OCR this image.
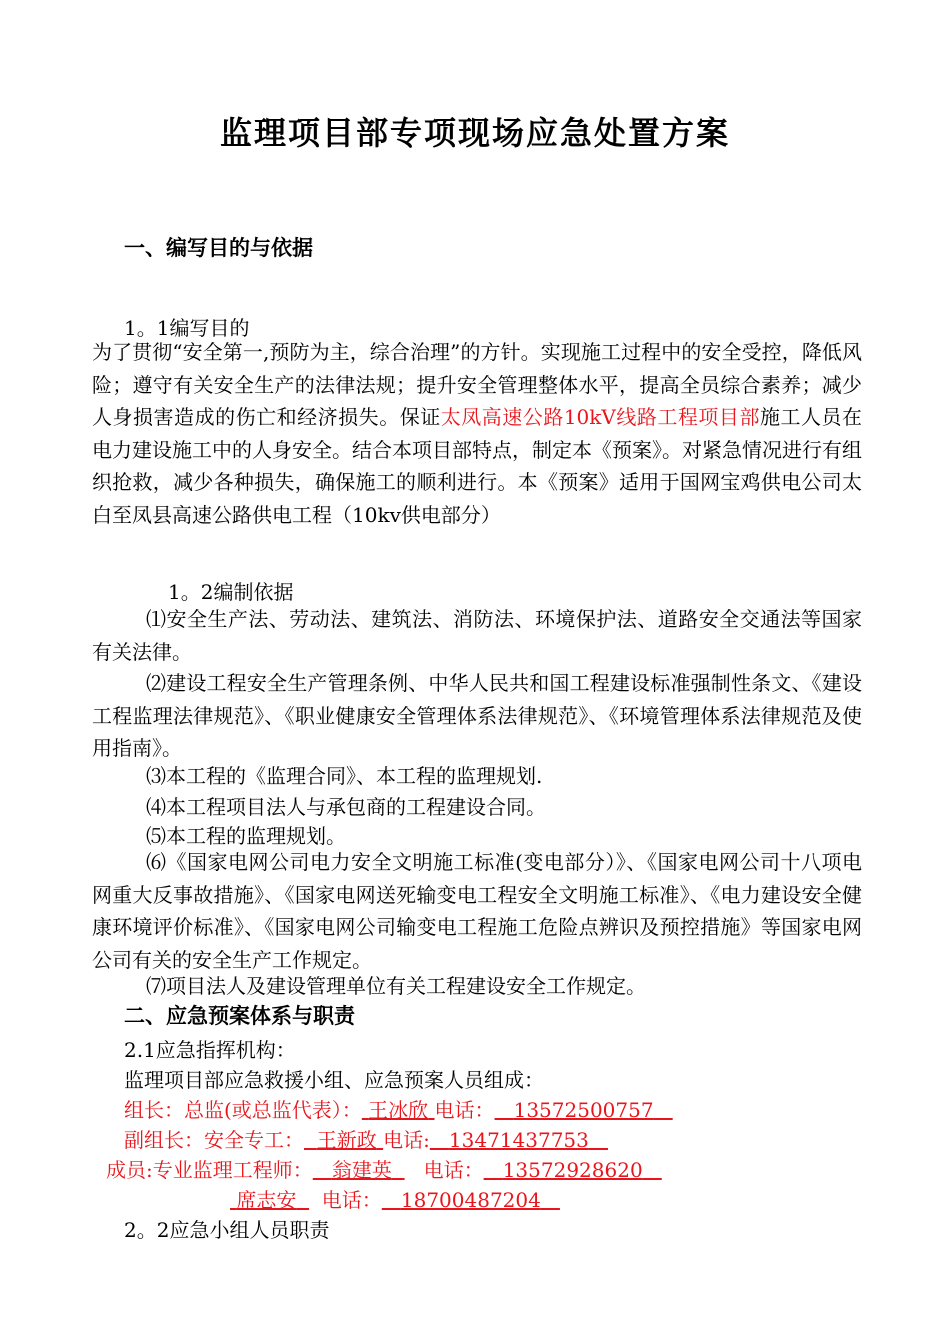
监理项目部专项现场应急处置方案
一、编写目的与依据
1。1编写目的
为了贯彻“安全第一,预防为主，综合治理”的方针。实现施工过程中的安全受控，降低风险；遵守有关安全生产的法律法规；提升安全管理整体水平，提高全员综合素养；减少人身损害造成的伤亡和经济损失。保证太凤高速公路10kV线路工程项目部施工人员在电力建设施工中的人身安全。结合本项目部特点，制定本《预案》。对紧急情况进行有组织抢救，减少各种损失，确保施工的顺利进行。本《预案》适用于国网宝鸡供电公司太白至凤县高速公路供电工程（10kv供电部分）
1。2编制依据
⑴安全生产法、劳动法、建筑法、消防法、环境保护法、道路安全交通法等国家有关法律。
⑵建设工程安全生产管理条例、中华人民共和国工程建设标准强制性条文、《建设工程监理法律规范》、《职业健康安全管理体系法律规范》、《环境管理体系法律规范及使用指南》。
⑶本工程的《监理合同》、本工程的监理规划.
⑷本工程项目法人与承包商的工程建设合同。
⑸本工程的监理规划。
⑹《国家电网公司电力安全文明施工标准(变电部分）》、《国家电网公司十八项电网重大反事故措施》、《国家电网送死输变电工程安全文明施工标准》、《电力建设安全健康环境评价标准》、《国家电网公司输变电工程施工危险点辨识及预控措施》等国家电网公司有关的安全生产工作规定。
⑺项目法人及建设管理单位有关工程建设安全工作规定。
二、应急预案体系与职责
2.1应急指挥机构：
监理项目部应急救援小组、应急预案人员组成：
组长：总监(或总监代表）： 王冰欣 电话： 13572500757
副组长：安全专工： 王新政 电话: 13471437753
成员:专业监理工程师： 翁建英 电话： 13572928620
席志安 电话： 18700487204
2。2应急小组人员职责
